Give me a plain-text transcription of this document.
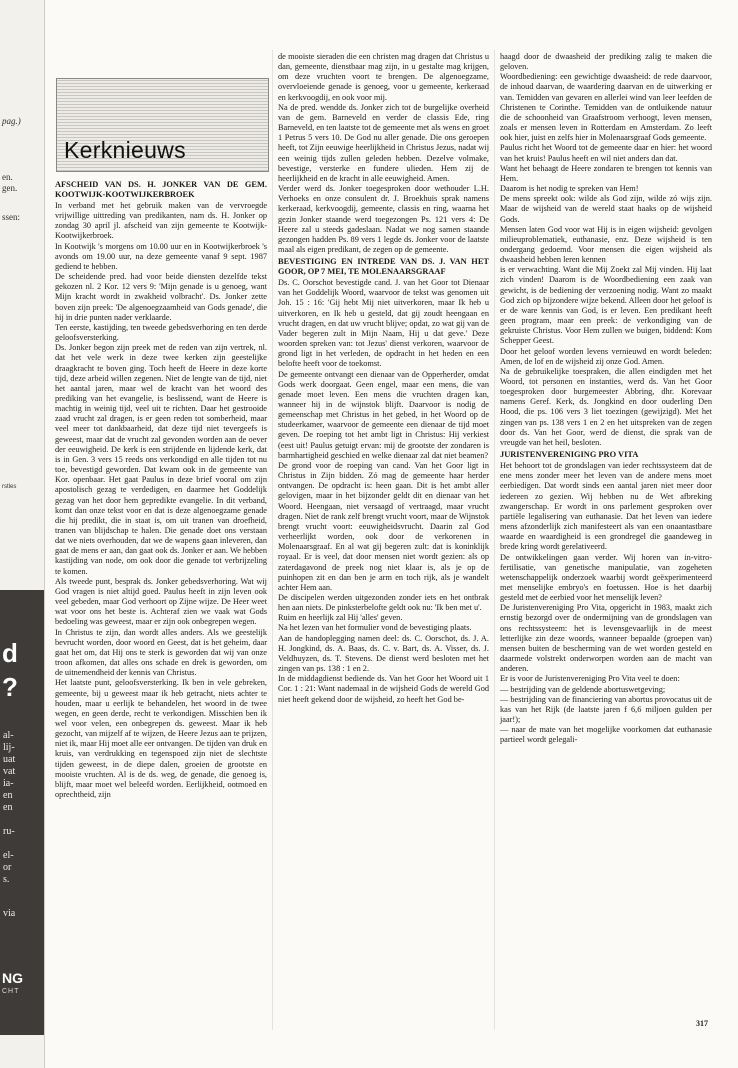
pag.)
en.
gen.
ssen:
rstles
d
?
al-
lij-
uat
vat
ia-
en
en
ru-
el-
or
s.
via
NG
CHT
Kerknieuws

AFSCHEID VAN DS. H. JONKER VAN DE GEM. KOOTWIJK-KOOTWIJKERBROEK

In verband met het gebruik maken van de vervroegde vrijwillige uittreding van predikanten, nam ds. H. Jonker op zondag 30 april jl. afscheid van zijn gemeente te Kootwijk-Kootwijkerbroek.

In Kootwijk 's morgens om 10.00 uur en in Kootwijkerbroek 's avonds om 19.00 uur, na deze gemeente vanaf 9 sept. 1987 gediend te hebben.

De scheidende pred. had voor beide diensten dezelfde tekst gekozen nl. 2 Kor. 12 vers 9: 'Mijn genade is u genoeg, want Mijn kracht wordt in zwakheid volbracht'. Ds. Jonker zette boven zijn preek: 'De algenoegzaamheid van Gods genade', die hij in drie punten nader verklaarde.

Ten eerste, kastijding, ten tweede gebedsverhoring en ten derde geloofsversterking.

Ds. Jonker begon zijn preek met de reden van zijn vertrek, nl. dat het vele werk in deze twee kerken zijn geestelijke draagkracht te boven ging. Toch heeft de Heere in deze korte tijd, deze arbeid willen zegenen. Niet de lengte van de tijd, niet het aantal jaren, maar wel de kracht van het woord des prediking van het evangelie, is beslissend, want de Heere is machtig in weinig tijd, veel uit te richten. Daar het gestrooide zaad vrucht zal dragen, is er geen reden tot somberheid, maar veel meer tot dankbaarheid, dat deze tijd niet tevergeefs is geweest, maar dat de vrucht zal gevonden worden aan de oever der eeuwigheid. De kerk is een strijdende en lijdende kerk, dat is in Gen. 3 vers 15 reeds ons verkondigd en alle tijden tot nu toe, bevestigd geworden. Dat kwam ook in de gemeente van Kor. openbaar. Het gaat Paulus in deze brief vooral om zijn apostolisch gezag te verdedigen, en daarmee het Goddelijk gezag van het door hem gepredikte evangelie. In dit verband, komt dan onze tekst voor en dat is deze algenoegzame genade die hij predikt, die in staat is, om uit tranen van droefheid, tranen van blijdschap te halen. Die genade doet ons verstaan dat we niets overhouden, dat we de wapens gaan inleveren, dan gaat de mens er aan, dan gaat ook ds. Jonker er aan. We hebben kastijding van node, om ook door die genade tot verbrijzeling te komen.

Als tweede punt, besprak ds. Jonker gebedsverhoring. Wat wij God vragen is niet altijd goed. Paulus heeft in zijn leven ook veel gebeden, maar God verhoort op Zijne wijze. De Heer weet wat voor ons het beste is. Achteraf zien we vaak wat Gods bedoeling was geweest, maar er zijn ook onbegrepen wegen.

In Christus te zijn, dan wordt alles anders. Als we geestelijk bevrucht worden, door woord en Geest, dat is het geheim, daar gaat het om, dat Hij ons te sterk is geworden dat wij van onze troon afkomen, dat alles ons schade en drek is geworden, om de uitnemendheid der kennis van Christus.

Het laatste punt, geloofsversterking. Ik ben in vele gebreken, gemeente, bij u geweest maar ik heb getracht, niets achter te houden, maar u eerlijk te behandelen, het woord in de twee wegen, en geen derde, recht te verkondigen. Misschien ben ik wel voor velen, een onbegrepen ds. geweest. Maar ik heb gezocht, van mijzelf af te wijzen, de Heere Jezus aan te prijzen, niet ik, maar Hij moet alle eer ontvangen. De tijden van druk en kruis, van verdrukking en tegenspoed zijn niet de slechtste tijden geweest, in de diepe dalen, groeien de grootste en mooiste vruchten. Al is de ds. weg, de genade, die genoeg is, blijft, maar moet wel beleefd worden. Eerlijkheid, ootmoed en oprechtheid, zijn

de mooiste sieraden die een christen mag dragen dat Christus u dan, gemeente, dienstbaar mag zijn, in u gestalte mag krijgen, om deze vruchten voort te brengen. De algenoegzame, overvloeiende genade is genoeg, voor u gemeente, kerkeraad en kerkvoogdij, en ook voor mij.

Na de pred. wendde ds. Jonker zich tot de burgelijke overheid van de gem. Barneveld en verder de classis Ede, ring Barneveld, en ten laatste tot de gemeente met als wens en groet 1 Petrus 5 vers 10. De God nu aller genade. Die ons geroepen heeft, tot Zijn eeuwige heerlijkheid in Christus Jezus, nadat wij een weinig tijds zullen geleden hebben. Dezelve volmake, bevestige, versterke en fundere ulieden. Hem zij de heerlijkheid en de kracht in alle eeuwigheid. Amen.

Verder werd ds. Jonker toegesproken door wethouder L.H. Verhoeks en onze consulent dr. J. Broekhuis sprak namens kerkeraad, kerkvoogdij, gemeente, classis en ring, waarna het gezin Jonker staande werd toegezongen Ps. 121 vers 4: De Heere zal u steeds gadeslaan. Nadat we nog samen staande gezongen hadden Ps. 89 vers 1 legde ds. Jonker voor de laatste maal als eigen predikant, de zegen op de gemeente.

BEVESTIGING EN INTREDE VAN DS. J. VAN HET GOOR, OP 7 MEI, TE MOLENAARSGRAAF

Ds. C. Oorschot bevestigde cand. J. van het Goor tot Dienaar van het Goddelijk Woord, waarvoor de tekst was genomen uit Joh. 15 : 16: 'Gij hebt Mij niet uitverkoren, maar Ik heb u uitverkoren, en Ik heb u gesteld, dat gij zoudt heengaan en vrucht dragen, en dat uw vrucht blijve; opdat, zo wat gij van de Vader begeren zult in Mijn Naam, Hij u dat geve.' Deze woorden spreken van: tot Jezus' dienst verkoren, waarvoor de grond ligt in het verleden, de opdracht in het heden en een belofte heeft voor de toekomst.

De gemeente ontvangt een dienaar van de Opperherder, omdat Gods werk doorgaat. Geen engel, maar een mens, die van genade moet leven. Een mens die vruchten dragen kan, wanneer hij in de wijnstok blijft. Daarvoor is nodig de gemeenschap met Christus in het gebed, in het Woord op de studeerkamer, waarvoor de gemeente een dienaar de tijd moet geven. De roeping tot het ambt ligt in Christus: Hij verkiest (eest uit! Paulus getuigt ervan: mij de grootste der zondaren is barmhartigheid geschied en welke dienaar zal dat niet beamen?

De grond voor de roeping van cand. Van het Goor ligt in Christus in Zijn bidden. Zó mag de gemeente haar herder ontvangen. De opdracht is: heen gaan. Dit is het ambt aller gelovigen, maar in het bijzonder geldt dit en dienaar van het Woord. Heengaan, niet versaagd of vertraagd, maar vrucht dragen. Niet de rank zelf brengt vrucht voort, maar de Wijnstok brengt vrucht voort: eeuwigheidsvrucht. Daarin zal God verheerlijkt worden, ook door de verkorenen in Molenaarsgraaf. En al wat gij begeren zult: dat is koninklijk royaal. Er is veel, dat door mensen niet wordt gezien: als op zaterdagavond de preek nog niet klaar is, als je op de puinhopen zit en dan ben je arm en toch rijk, als je wandelt achter Hem aan.

De discipelen werden uitgezonden zonder iets en het ontbrak hen aan niets. De pinksterbelofte geldt ook nu: 'Ik ben met u'.

Ruim en heerlijk zal Hij 'alles' geven.

Na het lezen van het formulier vond de bevestiging plaats.

Aan de handoplegging namen deel: ds. C. Oorschot, ds. J. A. H. Jongkind, ds. A. Baas, ds. C. v. Bart, ds. A. Visser, ds. J. Veldhuyzen, ds. T. Stevens. De dienst werd besloten met het zingen van ps. 138 : 1 en 2.

In de middagdienst bediende ds. Van het Goor het Woord uit 1 Cor. 1 : 21: Want nademaal in de wijsheid Gods de wereld God niet heeft gekend door de wijsheid, zo heeft het God be-

haagd door de dwaasheid der prediking zalig te maken die geloven.

Woordbediening: een gewichtige dwaasheid: de rede daarvoor, de inhoud daarvan, de waardering daarvan en de uitwerking er van. Temidden van gevaren en allerlei wind van leer leefden de Christenen te Corinthe. Temidden van de ontluikende natuur die de schoonheid van Graafstroom verhoogt, leven mensen, zoals er mensen leven in Rotterdam en Amsterdam. Zo leeft ook hier, juist en zelfs hier in Molenaarsgraaf Gods gemeente.

Paulus richt het Woord tot de gemeente daar en hier: het woord van het kruis! Paulus heeft en wil niet anders dan dat.

Want het behaagt de Heere zondaren te brengen tot kennis van Hem.

Daarom is het nodig te spreken van Hem!

De mens spreekt ook: wilde als God zijn, wilde zó wijs zijn. Maar de wijsheid van de wereld staat haaks op de wijsheid Gods.

Mensen laten God voor wat Hij is in eigen wijsheid: gevolgen milieuproblematiek, euthanasie, enz. Deze wijsheid is ten ondergang gedoemd. Voor mensen die eigen wijsheid als dwaasheid hebben leren kennen

is er verwachting. Want die Mij Zoekt zal Mij vinden. Hij laat zich vinden! Daarom is de Woordbediening een zaak van gewicht, is de bediening der verzoening nodig. Want zo maakt God zich op bijzondere wijze bekend. Alleen door het geloof is er de ware kennis van God, is er leven. Een predikant heeft geen program, maar een preek: de verkondiging van de gekruiste Christus. Voor Hem zullen we buigen, biddend: Kom Schepper Geest.

Door het geloof worden levens vernieuwd en wordt beleden: Amen, de lof en de wijsheid zij onze God. Amen.

Na de gebruikelijke toespraken, die allen eindigden met het Woord, tot personen en instanties, werd ds. Van het Goor toegesproken door burgemeester Abbring, dhr. Korevaar namens Geref. Kerk, ds. Jongkind en door ouderling Den Hood, die ps. 106 vers 3 liet toezingen (gewijzigd). Met het zingen van ps. 138 vers 1 en 2 en het uitspreken van de zegen door ds. Van het Goor, werd de dienst, die sprak van de vreugde van het heil, besloten.

JURISTENVERENIGING PRO VITA

Het behoort tot de grondslagen van ieder rechtssysteem dat de ene mens zonder meer het leven van de andere mens moet eerbiedigen. Dat wordt sinds een aantal jaren niet meer door iedereen zo gezien. Wij hebben nu de Wet afbreking zwangerschap. Er wordt in ons parlement gesproken over partiële legalisering van euthanasie. Dat het leven van iedere mens afzonderlijk zich manifesteert als van een onaantastbare waarde en waardigheid is een grondregel die gaandeweg in brede kring wordt gerelativeerd.

De ontwikkelingen gaan verder. Wij horen van in-vitro-fertilisatie, van genetische manipulatie, van zogeheten wetenschappelijk onderzoek waarbij wordt geëxperimenteerd met menselijke embryo's en foetussen. Hoe is het daarbij gesteld met de eerbied voor het menselijk leven?

De Juristenvereniging Pro Vita, opgericht in 1983, maakt zich ernstig bezorgd over de ondermijning van de grondslagen van ons rechtssysteem: het is levensgevaarlijk in de meest letterlijke zin deze woords, wanneer bepaalde (groepen van) mensen buiten de bescherming van de wet worden gesteld en daarmede volstrekt onderworpen worden aan de macht van anderen.

Er is voor de Juristenvereniging Pro Vita veel te doen:

— bestrijding van de geldende abortuswetgeving;

— bestrijding van de financiering van abortus provocatus uit de kas van het Rijk (de laatste jaren f 6,6 miljoen gulden per jaar!);

— naar de mate van het mogelijke voorkomen dat euthanasie partieel wordt gelegali-

317
